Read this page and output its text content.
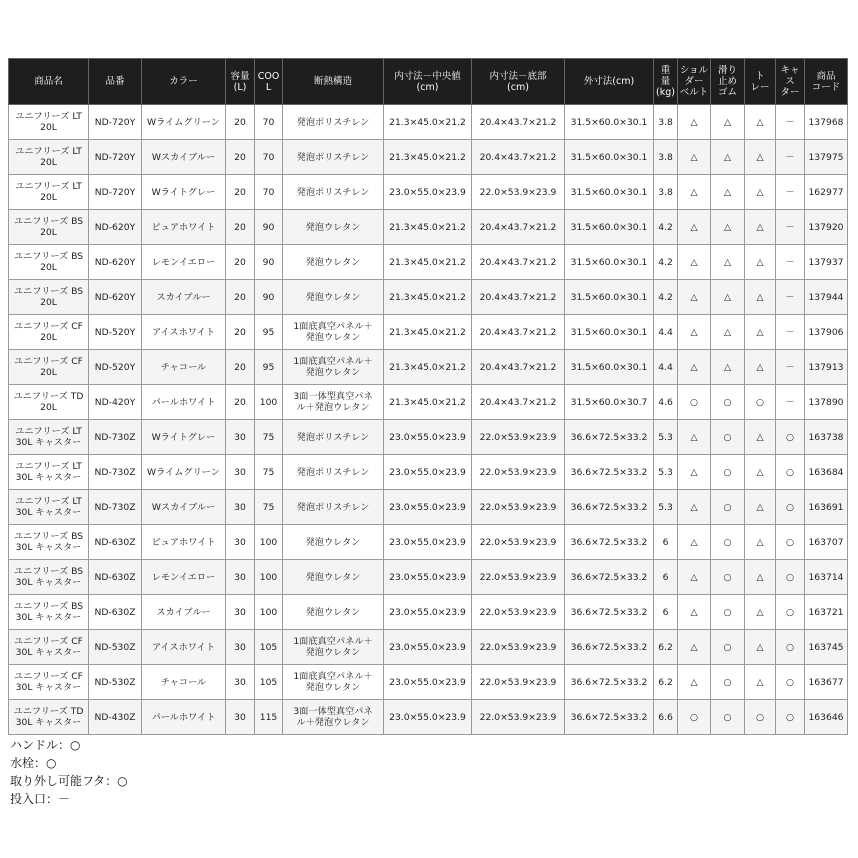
商品名	品番	カラー	容量
(L)	COO
L	断熱構造	内寸法－中央値
(cm)	内寸法－底部
(cm)	外寸法(cm)	重
量
(kg)	ショル
ダー
ベルト	滑り
止め
ゴム	ト
レー	キャ
ス
ター	商品
コード
ユニフリーズ LT
20L	ND-720Y	Wライムグリーン	20	70	発泡ポリスチレン	21.3×45.0×21.2	20.4×43.7×21.2	31.5×60.0×30.1	3.8	△	△	△	－	137968
ユニフリーズ LT
20L	ND-720Y	Wスカイブルー	20	70	発泡ポリスチレン	21.3×45.0×21.2	20.4×43.7×21.2	31.5×60.0×30.1	3.8	△	△	△	－	137975
ユニフリーズ LT
20L	ND-720Y	Wライトグレー	20	70	発泡ポリスチレン	23.0×55.0×23.9	22.0×53.9×23.9	31.5×60.0×30.1	3.8	△	△	△	－	162977
ユニフリーズ BS
20L	ND-620Y	ピュアホワイト	20	90	発泡ウレタン	21.3×45.0×21.2	20.4×43.7×21.2	31.5×60.0×30.1	4.2	△	△	△	－	137920
ユニフリーズ BS
20L	ND-620Y	レモンイエロー	20	90	発泡ウレタン	21.3×45.0×21.2	20.4×43.7×21.2	31.5×60.0×30.1	4.2	△	△	△	－	137937
ユニフリーズ BS
20L	ND-620Y	スカイブルー	20	90	発泡ウレタン	21.3×45.0×21.2	20.4×43.7×21.2	31.5×60.0×30.1	4.2	△	△	△	－	137944
ユニフリーズ CF
20L	ND-520Y	アイスホワイト	20	95	1面底真空パネル＋
発泡ウレタン	21.3×45.0×21.2	20.4×43.7×21.2	31.5×60.0×30.1	4.4	△	△	△	－	137906
ユニフリーズ CF
20L	ND-520Y	チャコール	20	95	1面底真空パネル＋
発泡ウレタン	21.3×45.0×21.2	20.4×43.7×21.2	31.5×60.0×30.1	4.4	△	△	△	－	137913
ユニフリーズ TD
20L	ND-420Y	パールホワイト	20	100	3面一体型真空パネ
ル＋発泡ウレタン	21.3×45.0×21.2	20.4×43.7×21.2	31.5×60.0×30.7	4.6	○	○	○	－	137890
ユニフリーズ LT
30L キャスター	ND-730Z	Wライトグレー	30	75	発泡ポリスチレン	23.0×55.0×23.9	22.0×53.9×23.9	36.6×72.5×33.2	5.3	△	○	△	○	163738
ユニフリーズ LT
30L キャスター	ND-730Z	Wライムグリーン	30	75	発泡ポリスチレン	23.0×55.0×23.9	22.0×53.9×23.9	36.6×72.5×33.2	5.3	△	○	△	○	163684
ユニフリーズ LT
30L キャスター	ND-730Z	Wスカイブルー	30	75	発泡ポリスチレン	23.0×55.0×23.9	22.0×53.9×23.9	36.6×72.5×33.2	5.3	△	○	△	○	163691
ユニフリーズ BS
30L キャスター	ND-630Z	ピュアホワイト	30	100	発泡ウレタン	23.0×55.0×23.9	22.0×53.9×23.9	36.6×72.5×33.2	6	△	○	△	○	163707
ユニフリーズ BS
30L キャスター	ND-630Z	レモンイエロー	30	100	発泡ウレタン	23.0×55.0×23.9	22.0×53.9×23.9	36.6×72.5×33.2	6	△	○	△	○	163714
ユニフリーズ BS
30L キャスター	ND-630Z	スカイブルー	30	100	発泡ウレタン	23.0×55.0×23.9	22.0×53.9×23.9	36.6×72.5×33.2	6	△	○	△	○	163721
ユニフリーズ CF
30L キャスター	ND-530Z	アイスホワイト	30	105	1面底真空パネル＋
発泡ウレタン	23.0×55.0×23.9	22.0×53.9×23.9	36.6×72.5×33.2	6.2	△	○	△	○	163745
ユニフリーズ CF
30L キャスター	ND-530Z	チャコール	30	105	1面底真空パネル＋
発泡ウレタン	23.0×55.0×23.9	22.0×53.9×23.9	36.6×72.5×33.2	6.2	△	○	△	○	163677
ユニフリーズ TD
30L キャスター	ND-430Z	パールホワイト	30	115	3面一体型真空パネ
ル＋発泡ウレタン	23.0×55.0×23.9	22.0×53.9×23.9	36.6×72.5×33.2	6.6	○	○	○	○	163646
ハンドル：○
水栓：○
取り外し可能フタ：○
投入口：－
